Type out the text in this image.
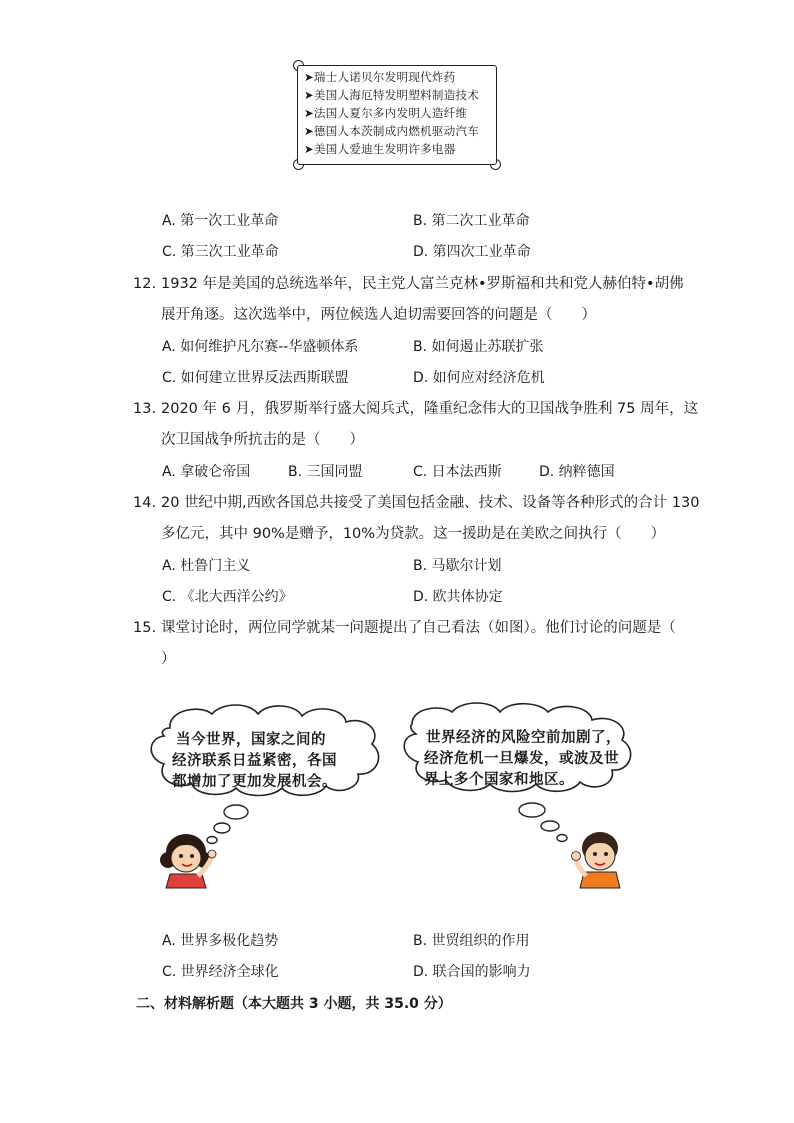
➤瑞士人诺贝尔发明现代炸药
➤美国人海厄特发明塑料制造技术
➤法国人夏尔多内发明人造纤维
➤德国人本茨制成内燃机驱动汽车
➤美国人爱迪生发明许多电器
A. 第一次工业革命	B. 第二次工业革命
C. 第三次工业革命	D. 第四次工业革命
12. 1932 年是美国的总统选举年，民主党人富兰克林•罗斯福和共和党人赫伯特•胡佛
展开角逐。这次选举中，两位候选人迫切需要回答的问题是（　　）
A. 如何维护凡尔赛--华盛顿体系	B. 如何遏止苏联扩张
C. 如何建立世界反法西斯联盟	D. 如何应对经济危机
13. 2020 年 6 月，俄罗斯举行盛大阅兵式，隆重纪念伟大的卫国战争胜利 75 周年，这
次卫国战争所抗击的是（　　）
A. 拿破仑帝国	B. 三国同盟	C. 日本法西斯	D. 纳粹德国
14. 20 世纪中期,西欧各国总共接受了美国包括金融、技术、设备等各种形式的合计 130
多亿元，其中 90%是赠予，10%为贷款。这一援助是在美欧之间执行（　　）
A. 杜鲁门主义	B. 马歇尔计划
C. 《北大西洋公约》	D. 欧共体协定
15. 课堂讨论时，两位同学就某一问题提出了自己看法（如图）。他们讨论的问题是（
）
当今世界，国家之间的
经济联系日益紧密，各国
都增加了更加发展机会。
世界经济的风险空前加剧了，
经济危机一旦爆发，或波及世
界上多个国家和地区。
A. 世界多极化趋势	B. 世贸组织的作用
C. 世界经济全球化	D. 联合国的影响力
二、材料解析题（本大题共 3 小题，共 35.0 分）
